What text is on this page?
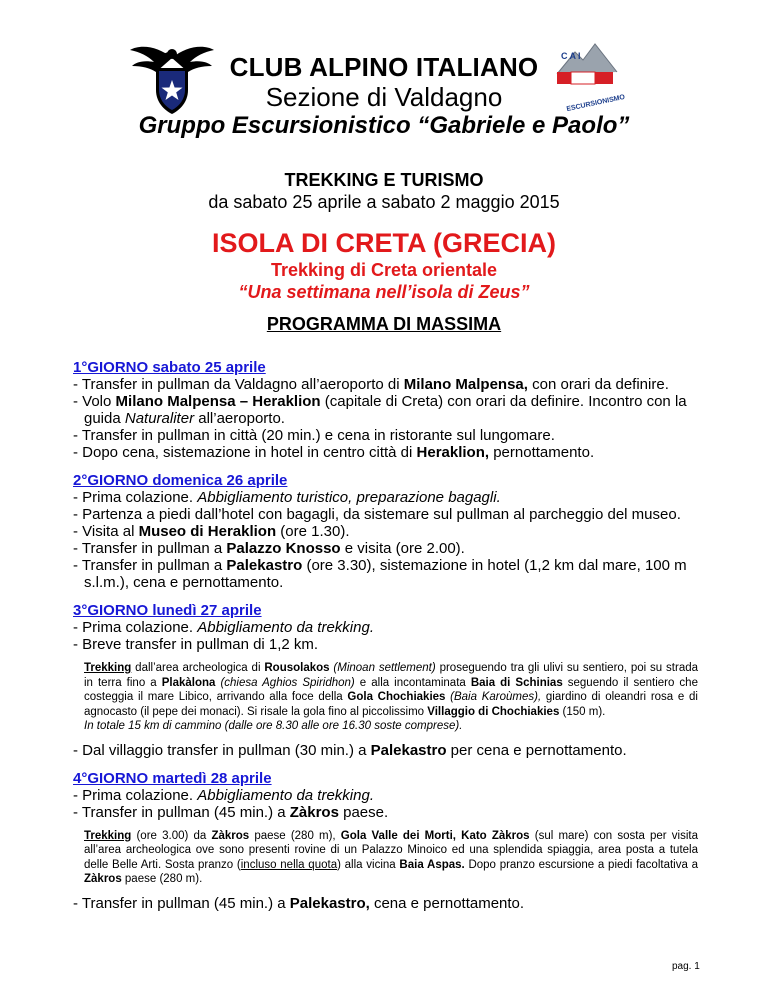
CAI
ESCURSIONISMO
CLUB ALPINO ITALIANO
Sezione di Valdagno
Gruppo Escursionistico “Gabriele e Paolo”
TREKKING E TURISMO
da sabato 25 aprile a sabato 2 maggio 2015
ISOLA DI CRETA (GRECIA)
Trekking di Creta orientale
“Una settimana nell’isola di Zeus”
PROGRAMMA DI MASSIMA
1°GIORNO sabato 25 aprile
- Transfer in pullman da Valdagno all’aeroporto di Milano Malpensa, con orari da definire.
- Volo Milano Malpensa – Heraklion (capitale di Creta) con orari da definire. Incontro con la guida Naturaliter all’aeroporto.
- Transfer in pullman in città (20 min.) e cena in ristorante sul lungomare.
- Dopo cena, sistemazione in hotel in centro città di Heraklion, pernottamento.
2°GIORNO domenica 26 aprile
- Prima colazione. Abbigliamento turistico, preparazione bagagli.
- Partenza a piedi dall’hotel con bagagli, da sistemare sul pullman al parcheggio del museo.
- Visita al Museo di Heraklion (ore 1.30).
- Transfer in pullman a Palazzo Knosso e visita (ore 2.00).
- Transfer in pullman a Palekastro (ore 3.30), sistemazione in hotel (1,2 km dal mare, 100 m s.l.m.), cena e pernottamento.
3°GIORNO lunedì 27 aprile
- Prima colazione. Abbigliamento da trekking.
- Breve transfer in pullman di 1,2 km.
Trekking dall’area archeologica di Rousolakos (Minoan settlement) proseguendo tra gli ulivi su sentiero, poi su strada in terra fino a Plakàlona (chiesa Aghios Spiridhon) e alla incontaminata Baia di Schinias seguendo il sentiero che costeggia il mare Libico, arrivando alla foce della Gola Chochiakies (Baia Karoùmes), giardino di oleandri rosa e di agnocasto (il pepe dei monaci). Si risale la gola fino al piccolissimo Villaggio di Chochiakies (150 m).
In totale 15 km di cammino (dalle ore 8.30 alle ore 16.30 soste comprese).
- Dal villaggio transfer in pullman (30 min.) a Palekastro per cena e pernottamento.
4°GIORNO martedì 28 aprile
- Prima colazione. Abbigliamento da trekking.
- Transfer in pullman (45 min.) a Zàkros paese.
Trekking (ore 3.00) da Zàkros paese (280 m), Gola Valle dei Morti, Kato Zàkros (sul mare) con sosta per visita all’area archeologica ove sono presenti rovine di un Palazzo Minoico ed una splendida spiaggia, area posta a tutela delle Belle Arti. Sosta pranzo (incluso nella quota) alla vicina Baia Aspas. Dopo pranzo escursione a piedi facoltativa a Zàkros paese (280 m).
- Transfer in pullman (45 min.) a Palekastro, cena e pernottamento.
pag. 1
